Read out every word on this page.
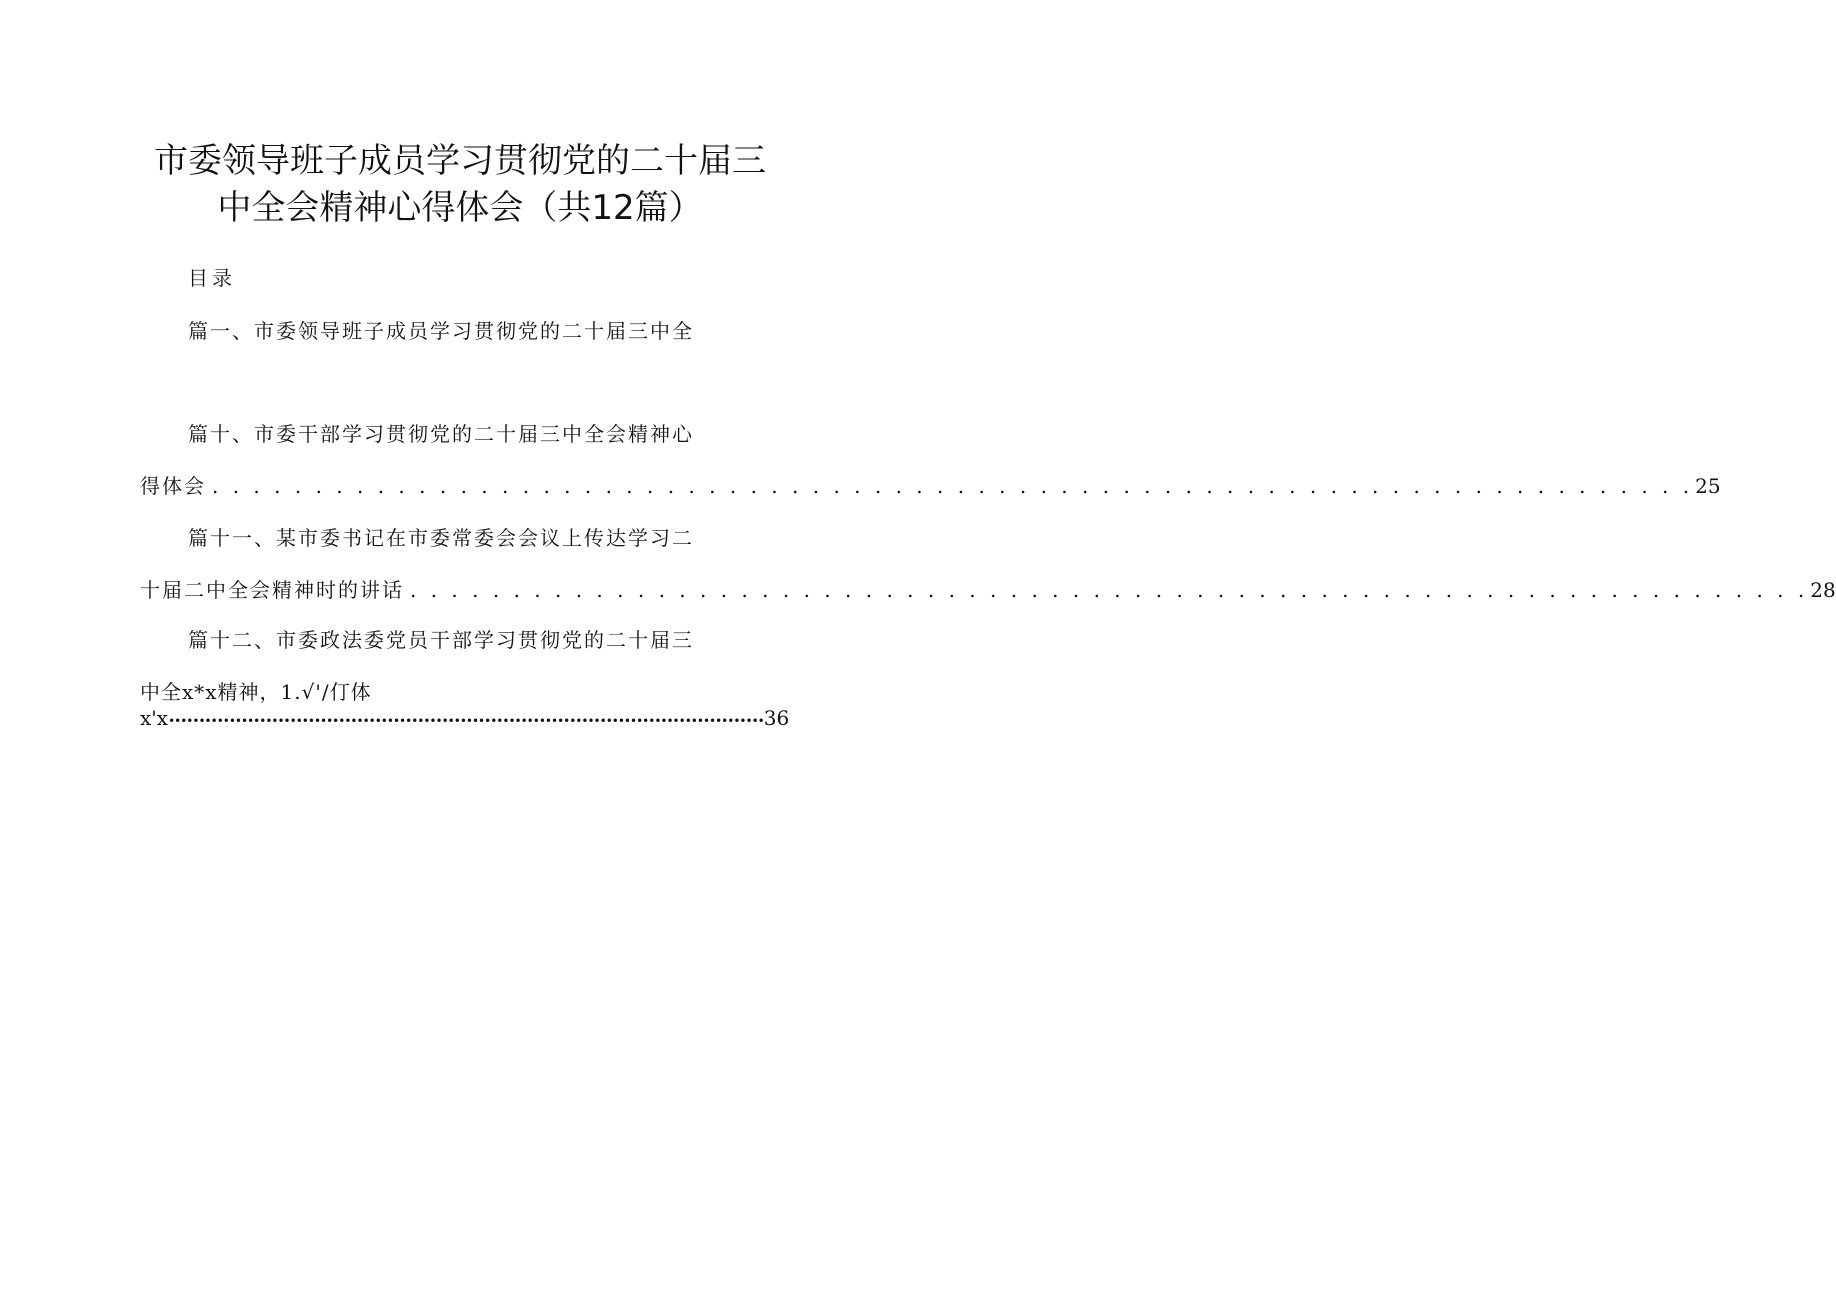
市委领导班子成员学习贯彻党的二十届三
中全会精神心得体会（共12篇）
目录
篇一、市委领导班子成员学习贯彻党的二十届三中全
篇十、市委干部学习贯彻党的二十届三中全会精神心
得体会 . . . . . . . . . . . . . . . . . . . . . . . . . . . . . . . . . . . . . . . . . . . . . . . . . . . . . . . . . . . . . . . . . . . . . . . . 25
篇十一、某市委书记在市委常委会会议上传达学习二
十届二中全会精神时的讲话 . . . . . . . . . . . . . . . . . . . . . . . . . . . . . . . . . . . . . . . . . . . . . . . . . . . . . . . . . . . . . . . . . . . . 28
篇十二、市委政法委党员干部学习贯彻党的二十届三
中全x*x精神，1.√'/仃体
x'x •••••••••••••••••••••••••••••••••••••••••••••••••••••••••••••••••••••••••••••••••••••••••••••••••• 36
